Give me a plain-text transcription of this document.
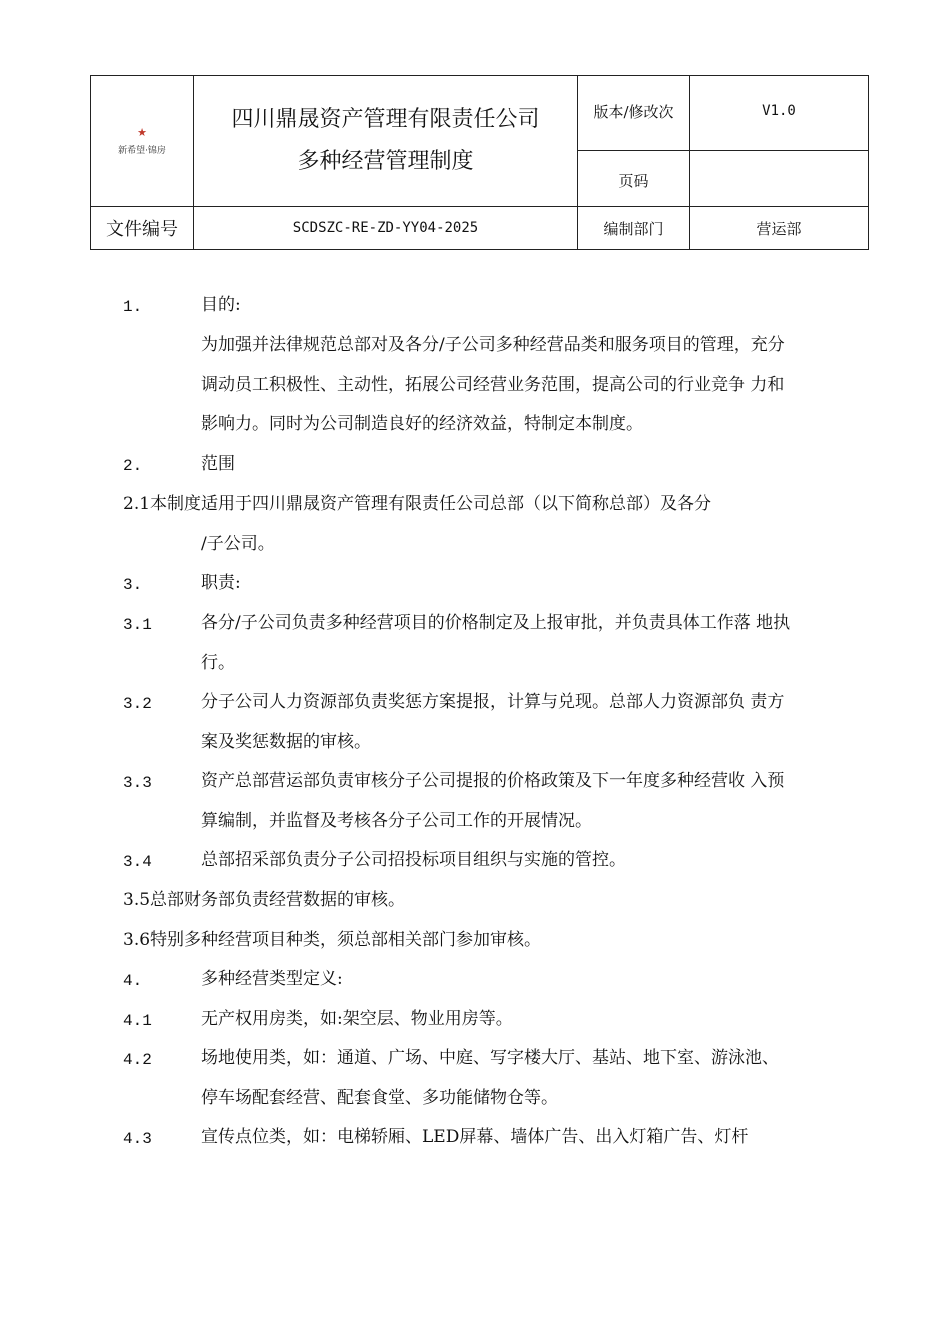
★
新希望·锦房
四川鼎晟资产管理有限责任公司
多种经营管理制度
版本/修改次	V1.0
页码
文件编号	SCDSZC-RE-ZD-YY04-2025	编制部门	营运部
1.	目的:
为加强并法律规范总部对及各分/子公司多种经营品类和服务项目的管理，充分
调动员工积极性、主动性，拓展公司经营业务范围，提高公司的行业竞争 力和
影响力。同时为公司制造良好的经济效益，特制定本制度。
2.	范围
2.1本制度适用于四川鼎晟资产管理有限责任公司总部（以下简称总部）及各分
/子公司。
3.	职责:
3.1	各分/子公司负责多种经营项目的价格制定及上报审批，并负责具体工作落 地执
行。
3.2	分子公司人力资源部负责奖惩方案提报，计算与兑现。总部人力资源部负 责方
案及奖惩数据的审核。
3.3	资产总部营运部负责审核分子公司提报的价格政策及下一年度多种经营收 入预
算编制，并监督及考核各分子公司工作的开展情况。
3.4	总部招采部负责分子公司招投标项目组织与实施的管控。
3.5总部财务部负责经营数据的审核。
3.6特别多种经营项目种类，须总部相关部门参加审核。
4.	多种经营类型定义:
4.1	无产权用房类，如:架空层、物业用房等。
4.2	场地使用类，如：通道、广场、中庭、写字楼大厅、基站、地下室、游泳池、
停车场配套经营、配套食堂、多功能储物仓等。
4.3	宣传点位类，如：电梯轿厢、LED屏幕、墙体广告、出入灯箱广告、灯杆
